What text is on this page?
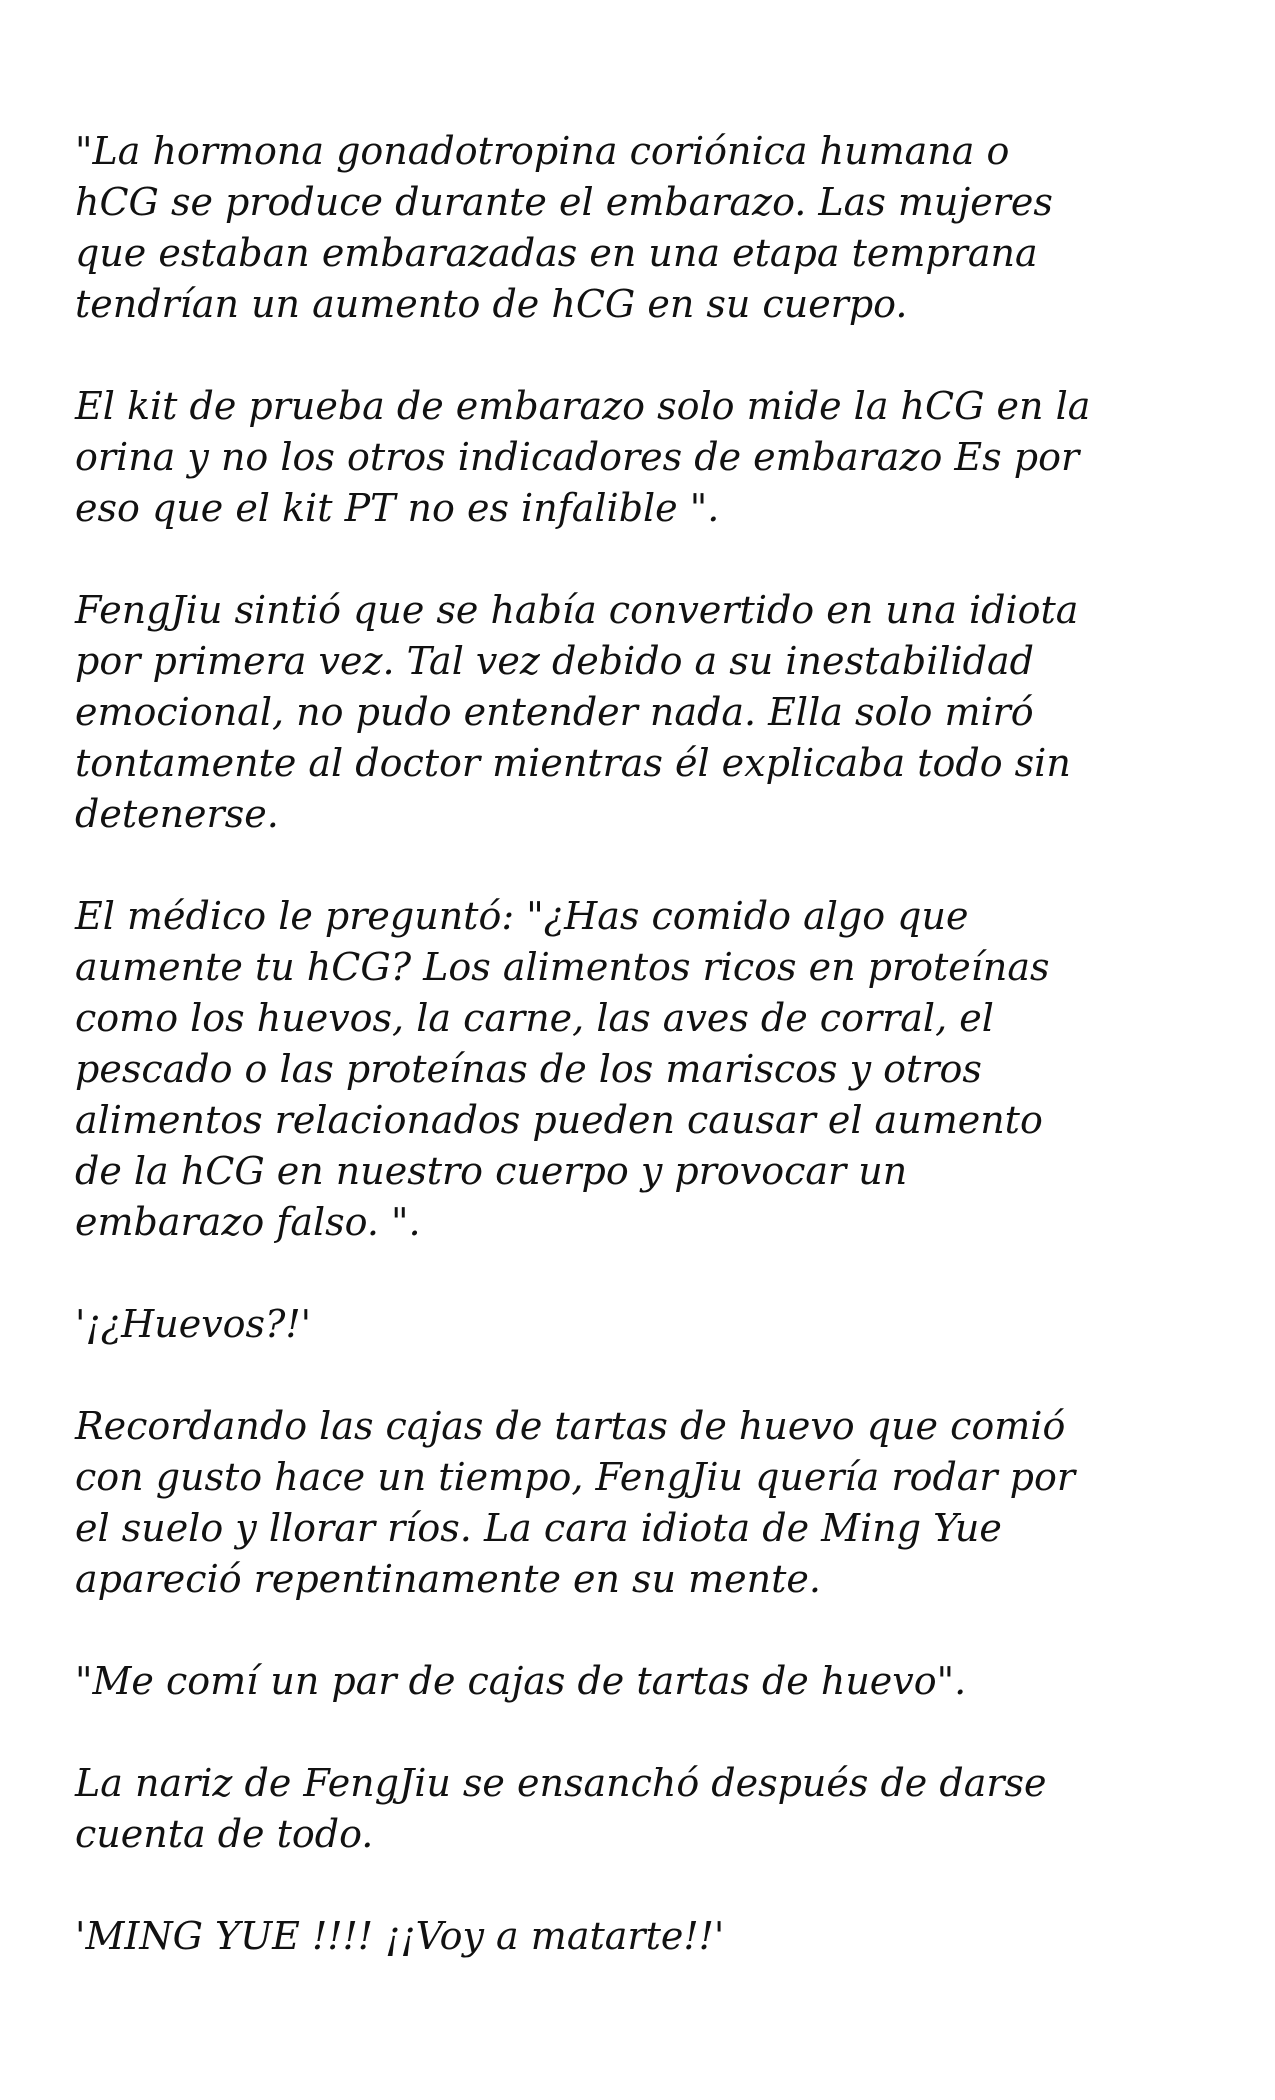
"La hormona gonadotropina coriónica humana o
hCG se produce durante el embarazo. Las mujeres
que estaban embarazadas en una etapa temprana
tendrían un aumento de hCG en su cuerpo.

El kit de prueba de embarazo solo mide la hCG en la
orina y no los otros indicadores de embarazo Es por
eso que el kit PT no es infalible ".

FengJiu sintió que se había convertido en una idiota
por primera vez. Tal vez debido a su inestabilidad
emocional, no pudo entender nada. Ella solo miró
tontamente al doctor mientras él explicaba todo sin
detenerse.

El médico le preguntó: "¿Has comido algo que
aumente tu hCG? Los alimentos ricos en proteínas
como los huevos, la carne, las aves de corral, el
pescado o las proteínas de los mariscos y otros
alimentos relacionados pueden causar el aumento
de la hCG en nuestro cuerpo y provocar un
embarazo falso. ".

'¡¿Huevos?!'

Recordando las cajas de tartas de huevo que comió
con gusto hace un tiempo, FengJiu quería rodar por
el suelo y llorar ríos. La cara idiota de Ming Yue
apareció repentinamente en su mente.

"Me comí un par de cajas de tartas de huevo".

La nariz de FengJiu se ensanchó después de darse
cuenta de todo.

'MING YUE !!!! ¡¡Voy a matarte!!'
